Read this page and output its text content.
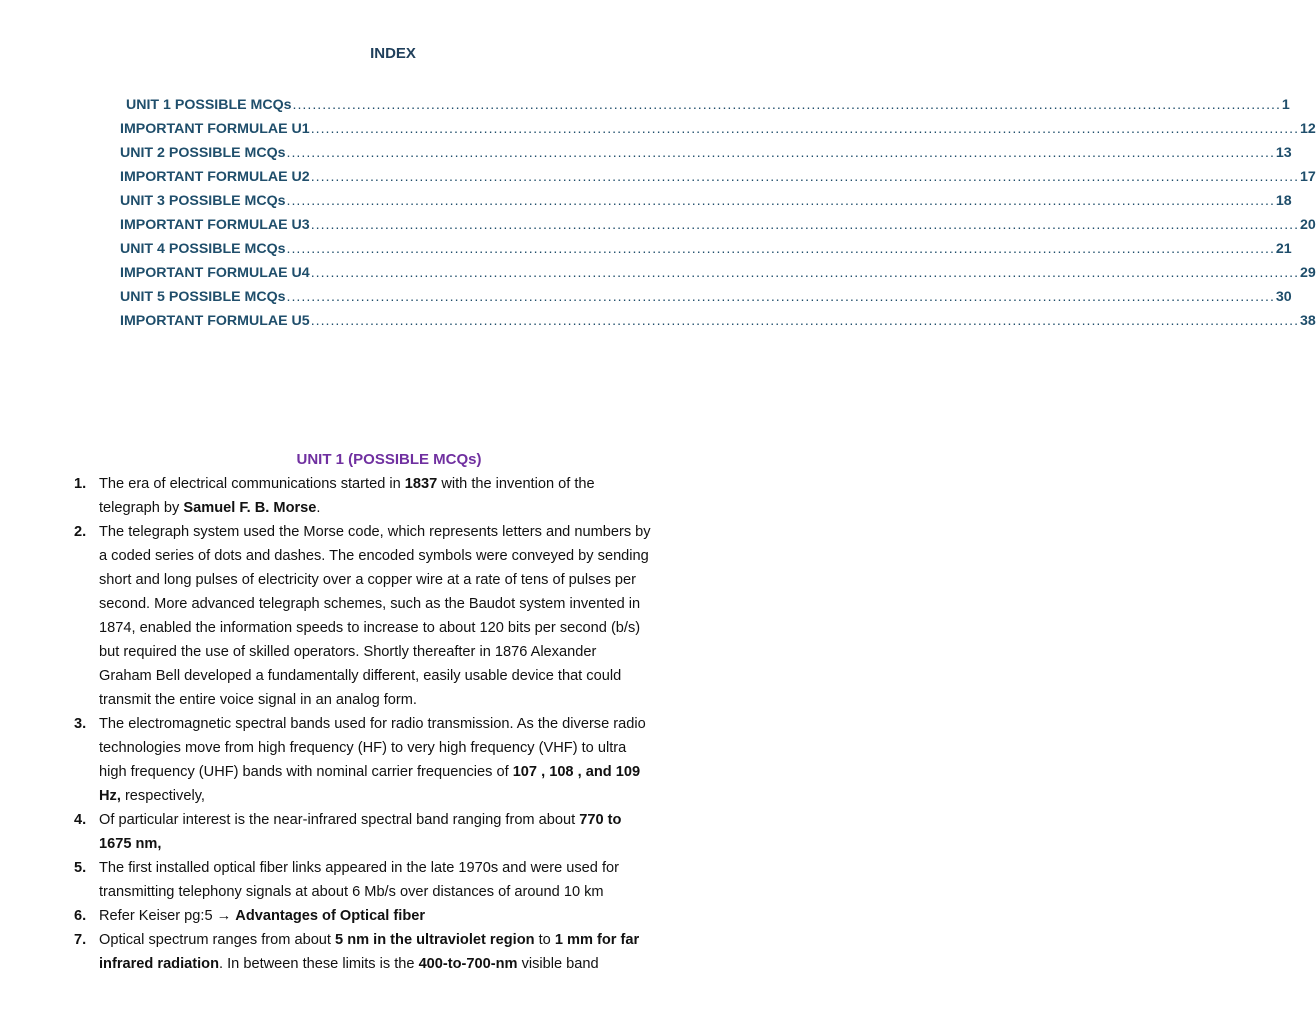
INDEX
UNIT 1 POSSIBLE MCQs ........................................................................................................................................................................................................ 1
IMPORTANT FORMULAE U1 ........................................................................................................................................................................................................ 12
UNIT 2 POSSIBLE MCQs ........................................................................................................................................................................................................ 13
IMPORTANT FORMULAE U2 ........................................................................................................................................................................................................ 17
UNIT 3 POSSIBLE MCQs ........................................................................................................................................................................................................ 18
IMPORTANT FORMULAE U3 ........................................................................................................................................................................................................ 20
UNIT 4 POSSIBLE MCQs ........................................................................................................................................................................................................ 21
IMPORTANT FORMULAE U4 ........................................................................................................................................................................................................ 29
UNIT 5 POSSIBLE MCQs ........................................................................................................................................................................................................ 30
IMPORTANT FORMULAE U5 ........................................................................................................................................................................................................ 38
UNIT 1 (POSSIBLE MCQs)
1. The era of electrical communications started in 1837 with the invention of the
telegraph by Samuel F. B. Morse.
2. The telegraph system used the Morse code, which represents letters and numbers by
a coded series of dots and dashes. The encoded symbols were conveyed by sending
short and long pulses of electricity over a copper wire at a rate of tens of pulses per
second. More advanced telegraph schemes, such as the Baudot system invented in
1874, enabled the information speeds to increase to about 120 bits per second (b/s)
but required the use of skilled operators. Shortly thereafter in 1876 Alexander
Graham Bell developed a fundamentally different, easily usable device that could
transmit the entire voice signal in an analog form.
3. The electromagnetic spectral bands used for radio transmission. As the diverse radio
technologies move from high frequency (HF) to very high frequency (VHF) to ultra
high frequency (UHF) bands with nominal carrier frequencies of 107 , 108 , and 109
Hz, respectively,
4. Of particular interest is the near-infrared spectral band ranging from about 770 to
1675 nm,
5. The first installed optical fiber links appeared in the late 1970s and were used for
transmitting telephony signals at about 6 Mb/s over distances of around 10 km
6. Refer Keiser pg:5 → Advantages of Optical fiber
7. Optical spectrum ranges from about 5 nm in the ultraviolet region to 1 mm for far
infrared radiation. In between these limits is the 400-to-700-nm visible band
